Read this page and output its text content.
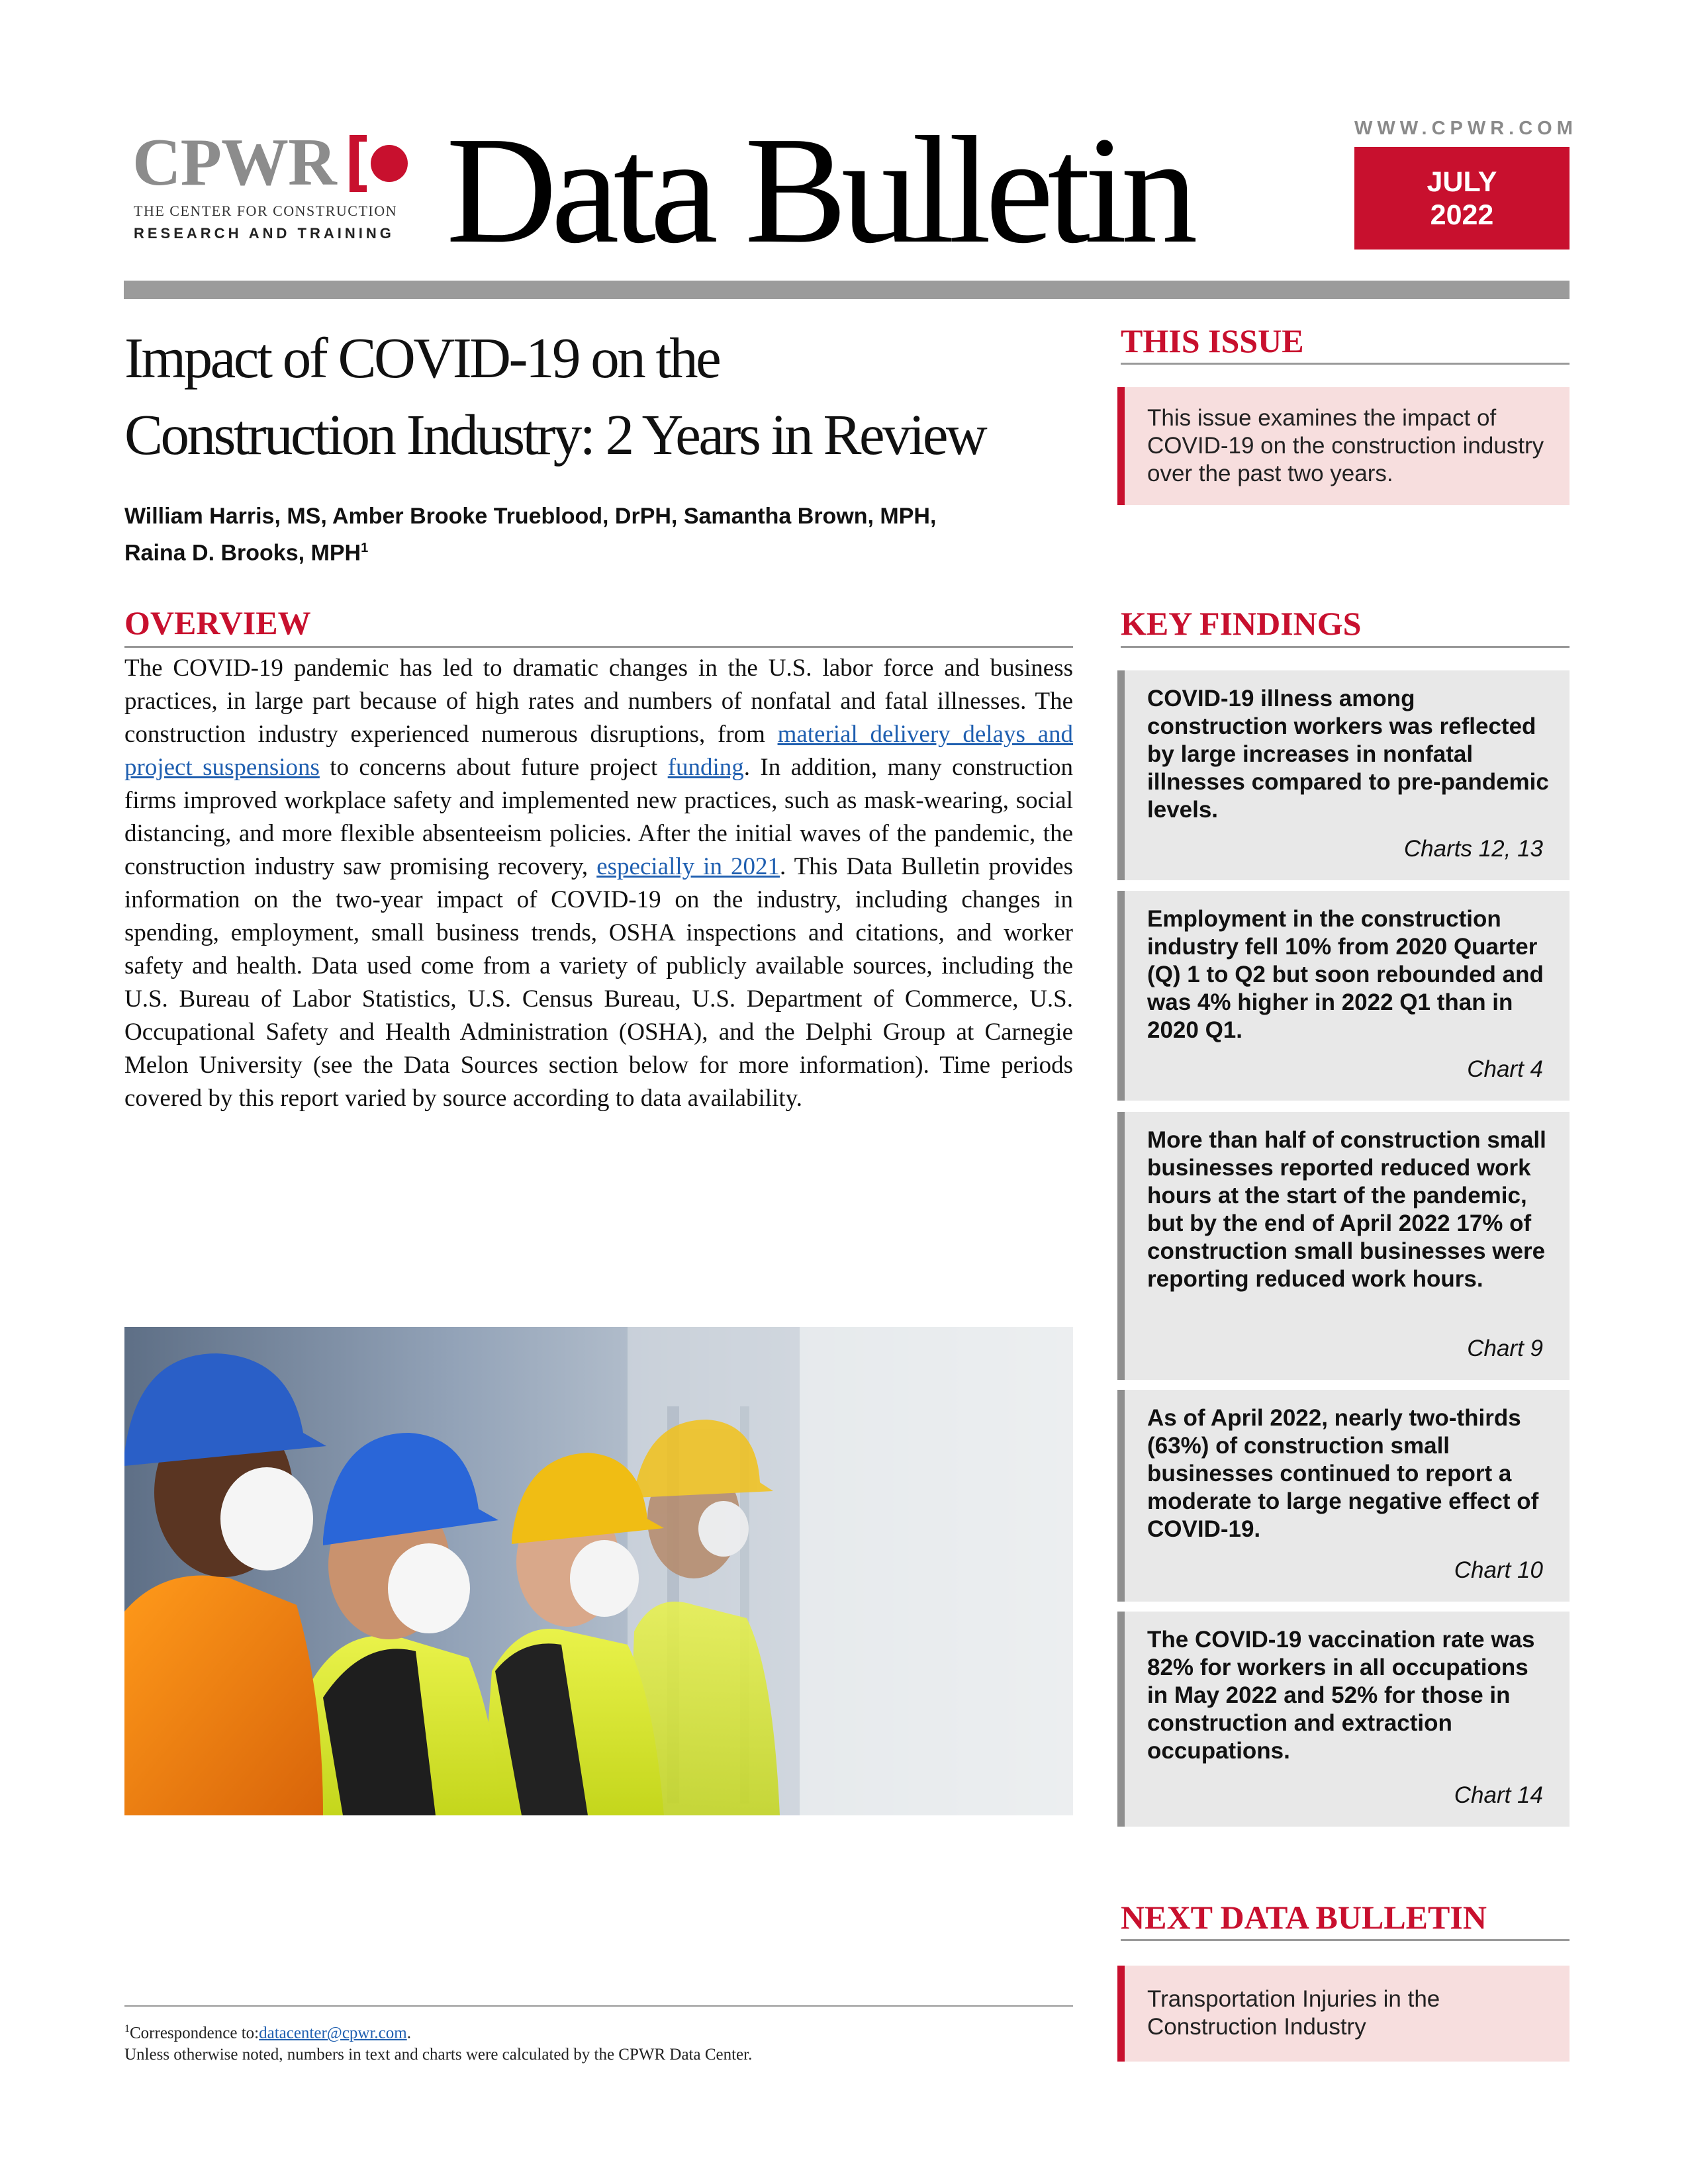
CPWR
THE CENTER FOR CONSTRUCTION
RESEARCH AND TRAINING Data Bulletin	WWW.CPWR.COM
JULY
2022
Impact of COVID-19 on the
Construction Industry: 2 Years in Review
William Harris, MS, Amber Brooke Trueblood, DrPH, Samantha Brown, MPH,
Raina D. Brooks, MPH$^1$
OVERVIEW
The COVID-19 pandemic has led to dramatic changes in the U.S. labor force and business practices, in large part because of high rates and numbers of nonfatal and fatal illnesses. The construction industry experienced numerous disruptions, from material delivery delays and project suspensions to concerns about future project funding. In addition, many construction firms improved workplace safety and implemented new practices, such as mask-wearing, social distancing, and more flexible absenteeism policies. After the initial waves of the pandemic, the construction industry saw promising recovery, especially in 2021. This Data Bulletin provides information on the two-year impact of COVID-19 on the industry, including changes in spending, employment, small business trends, OSHA inspections and citations, and worker safety and health. Data used come from a variety of publicly available sources, including the U.S. Bureau of Labor Statistics, U.S. Census Bureau, U.S. Department of Commerce, U.S. Occupational Safety and Health Administration (OSHA), and the Delphi Group at Carnegie Melon University (see the Data Sources section below for more information). Time periods covered by this report varied by source according to data availability.
$^1$Correspondence to:datacenter@cpwr.com.
Unless otherwise noted, numbers in text and charts were calculated by the CPWR Data Center.
THIS ISSUE
This issue examines the impact of COVID-19 on the construction industry over the past two years.
KEY FINDINGS
COVID-19 illness among construction workers was reflected by large increases in nonfatal illnesses compared to pre-pandemic levels.
Charts 12, 13
Employment in the construction industry fell 10% from 2020 Quarter (Q) 1 to Q2 but soon rebounded and was 4% higher in 2022 Q1 than in 2020 Q1.
Chart 4
More than half of construction small businesses reported reduced work hours at the start of the pandemic, but by the end of April 2022 17% of construction small businesses were reporting reduced work hours.
Chart 9
As of April 2022, nearly two-thirds (63%) of construction small businesses continued to report a moderate to large negative effect of COVID-19.
Chart 10
The COVID-19 vaccination rate was 82% for workers in all occupations in May 2022 and 52% for those in construction and extraction occupations.
Chart 14
NEXT DATA BULLETIN
Transportation Injuries in the Construction Industry
